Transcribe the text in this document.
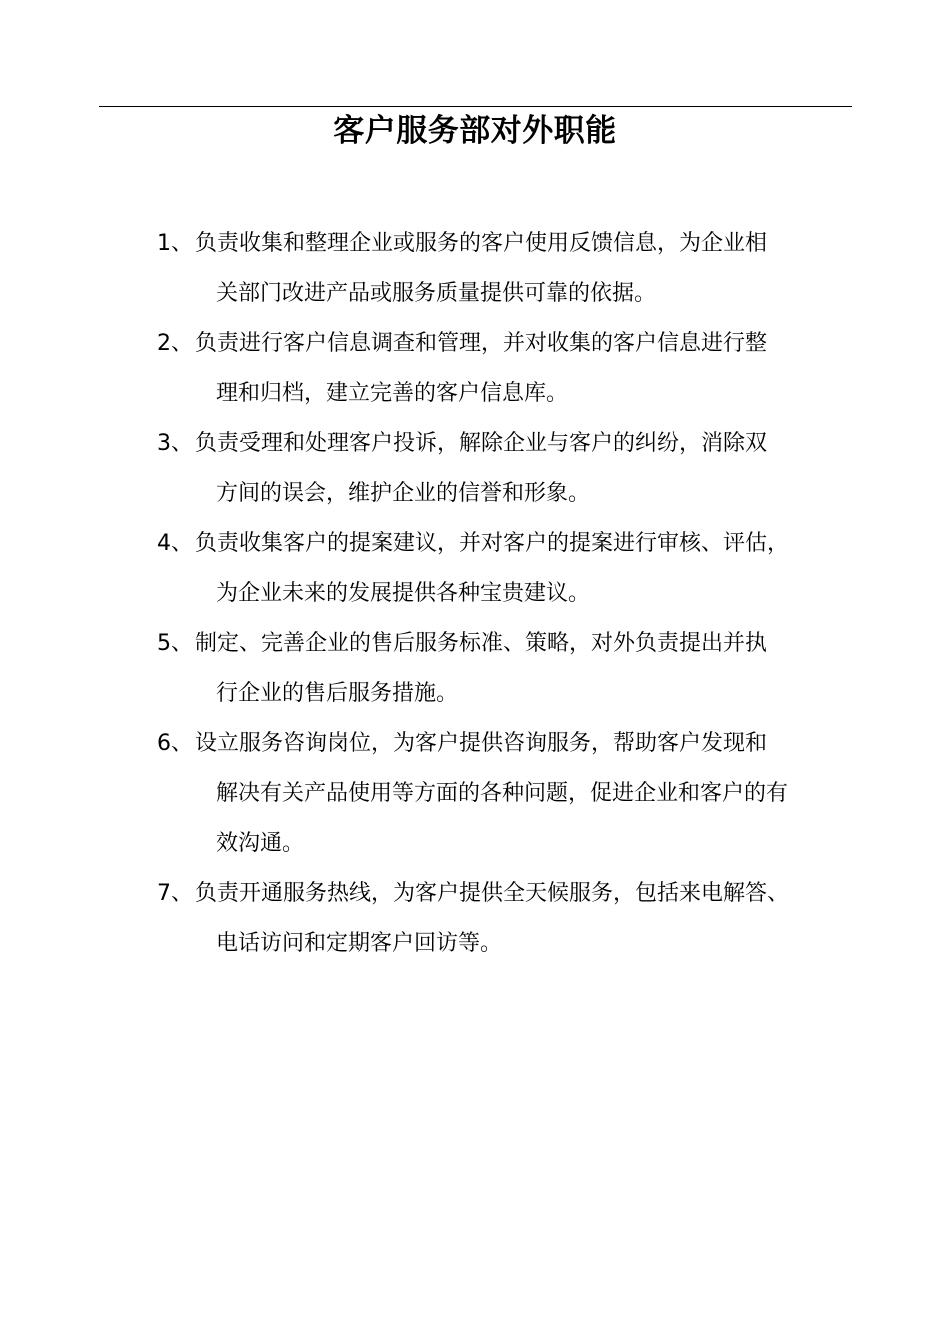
客户服务部对外职能
1、 负责收集和整理企业或服务的客户使用反馈信息，为企业相
关部门改进产品或服务质量提供可靠的依据。
2、 负责进行客户信息调查和管理，并对收集的客户信息进行整
理和归档，建立完善的客户信息库。
3、 负责受理和处理客户投诉，解除企业与客户的纠纷，消除双
方间的误会，维护企业的信誉和形象。
4、 负责收集客户的提案建议，并对客户的提案进行审核、评估，
为企业未来的发展提供各种宝贵建议。
5、 制定、完善企业的售后服务标准、策略，对外负责提出并执
行企业的售后服务措施。
6、 设立服务咨询岗位，为客户提供咨询服务，帮助客户发现和
解决有关产品使用等方面的各种问题，促进企业和客户的有
效沟通。
7、 负责开通服务热线，为客户提供全天候服务，包括来电解答、
电话访问和定期客户回访等。
